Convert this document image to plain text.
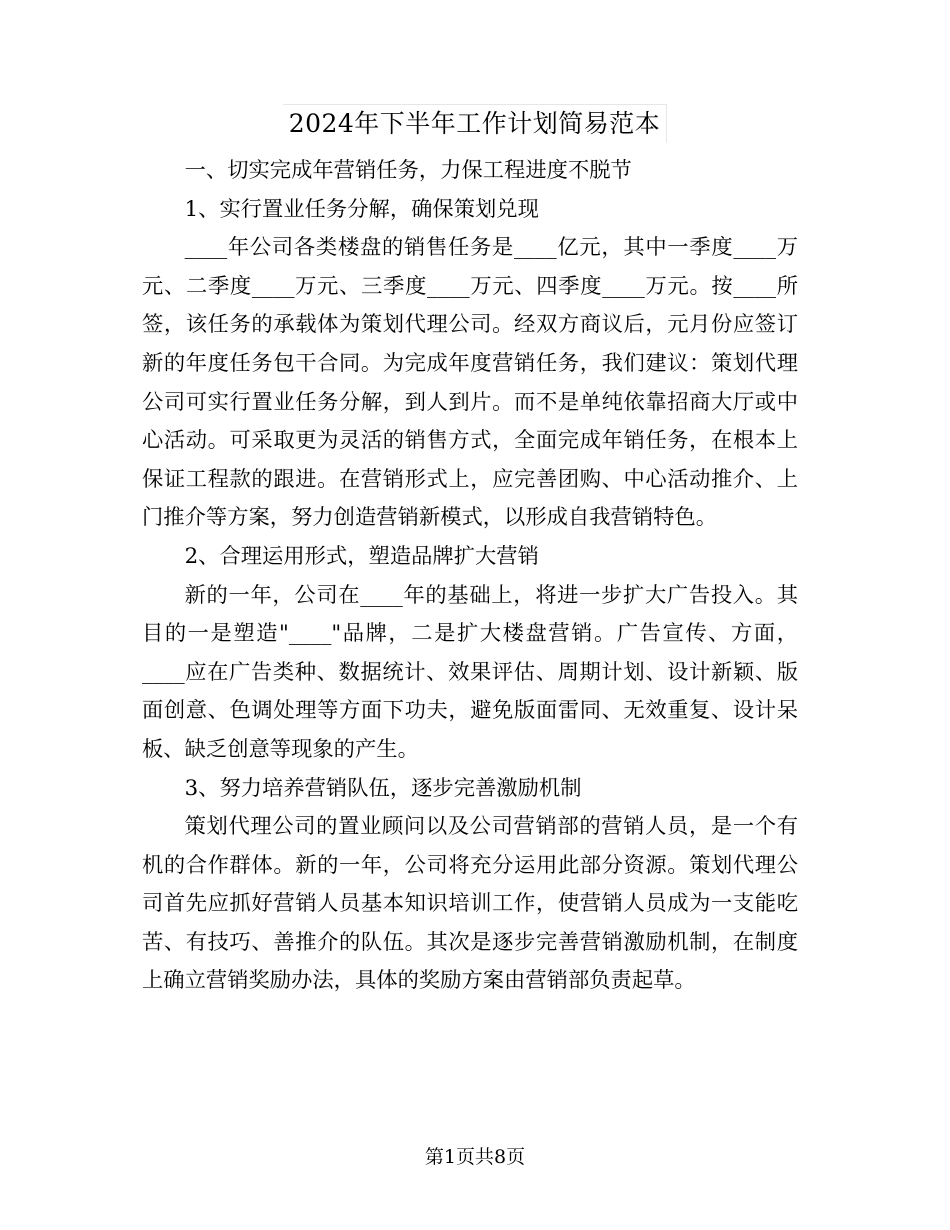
2024年下半年工作计划简易范本

一、切实完成年营销任务，力保工程进度不脱节

1、实行置业任务分解，确保策划兑现

____年公司各类楼盘的销售任务是____亿元，其中一季度____万元、二季度____万元、三季度____万元、四季度____万元。按____所签，该任务的承载体为策划代理公司。经双方商议后，元月份应签订新的年度任务包干合同。为完成年度营销任务，我们建议：策划代理公司可实行置业任务分解，到人到片。而不是单纯依靠招商大厅或中心活动。可采取更为灵活的销售方式，全面完成年销任务，在根本上保证工程款的跟进。在营销形式上，应完善团购、中心活动推介、上门推介等方案，努力创造营销新模式，以形成自我营销特色。

2、合理运用形式，塑造品牌扩大营销

新的一年，公司在____年的基础上，将进一步扩大广告投入。其目的一是塑造"____"品牌，二是扩大楼盘营销。广告宣传、方面，____应在广告类种、数据统计、效果评估、周期计划、设计新颖、版面创意、色调处理等方面下功夫，避免版面雷同、无效重复、设计呆板、缺乏创意等现象的产生。

3、努力培养营销队伍，逐步完善激励机制

策划代理公司的置业顾问以及公司营销部的营销人员，是一个有机的合作群体。新的一年，公司将充分运用此部分资源。策划代理公司首先应抓好营销人员基本知识培训工作，使营销人员成为一支能吃苦、有技巧、善推介的队伍。其次是逐步完善营销激励机制，在制度上确立营销奖励办法，具体的奖励方案由营销部负责起草。

第1页共8页
